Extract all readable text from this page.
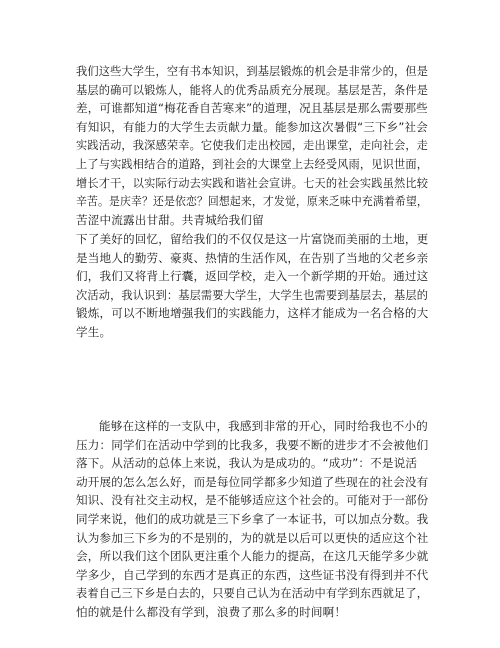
我们这些大学生，空有书本知识，到基层锻炼的机会是非常少的，但是
基层的确可以锻炼人，能将人的优秀品质充分展现。基层是苦，条件是
差，可谁都知道“梅花香自苦寒来”的道理，况且基层是那么需要那些
有知识，有能力的大学生去贡献力量。能参加这次暑假“三下乡”社会
实践活动，我深感荣幸。它使我们走出校园，走出课堂，走向社会，走
上了与实践相结合的道路，到社会的大课堂上去经受风雨，见识世面，
增长才干，以实际行动去实践和谐社会宣讲。七天的社会实践虽然比较
辛苦。是庆幸？还是依恋？回想起来，才发觉，原来乏味中充满着希望，
苦涩中流露出甘甜。共青城给我们留
下了美好的回忆，留给我们的不仅仅是这一片富饶而美丽的土地，更
是当地人的勤劳、豪爽、热情的生活作风，在告别了当地的父老乡亲
们，我们又将背上行囊，返回学校，走入一个新学期的开始。通过这
次活动，我认识到：基层需要大学生，大学生也需要到基层去，基层的
锻炼，可以不断地增强我们的实践能力，这样才能成为一名合格的大
学生。
能够在这样的一支队中，我感到非常的开心，同时给我也不小的
压力：同学们在活动中学到的比我多，我要不断的进步才不会被他们
落下。从活动的总体上来说，我认为是成功的。“成功”：不是说活
动开展的怎么怎么好，而是每位同学都多少知道了些现在的社会没有
知识、没有社交主动权，是不能够适应这个社会的。可能对于一部份
同学来说，他们的成功就是三下乡拿了一本证书，可以加点分数。我
认为参加三下乡为的不是别的，为的就是以后可以更快的适应这个社
会，所以我们这个团队更注重个人能力的提高，在这几天能学多少就
学多少，自己学到的东西才是真正的东西，这些证书没有得到并不代
表着自己三下乡是白去的，只要自己认为在活动中有学到东西就足了，
怕的就是什么都没有学到，浪费了那么多的时间啊！
